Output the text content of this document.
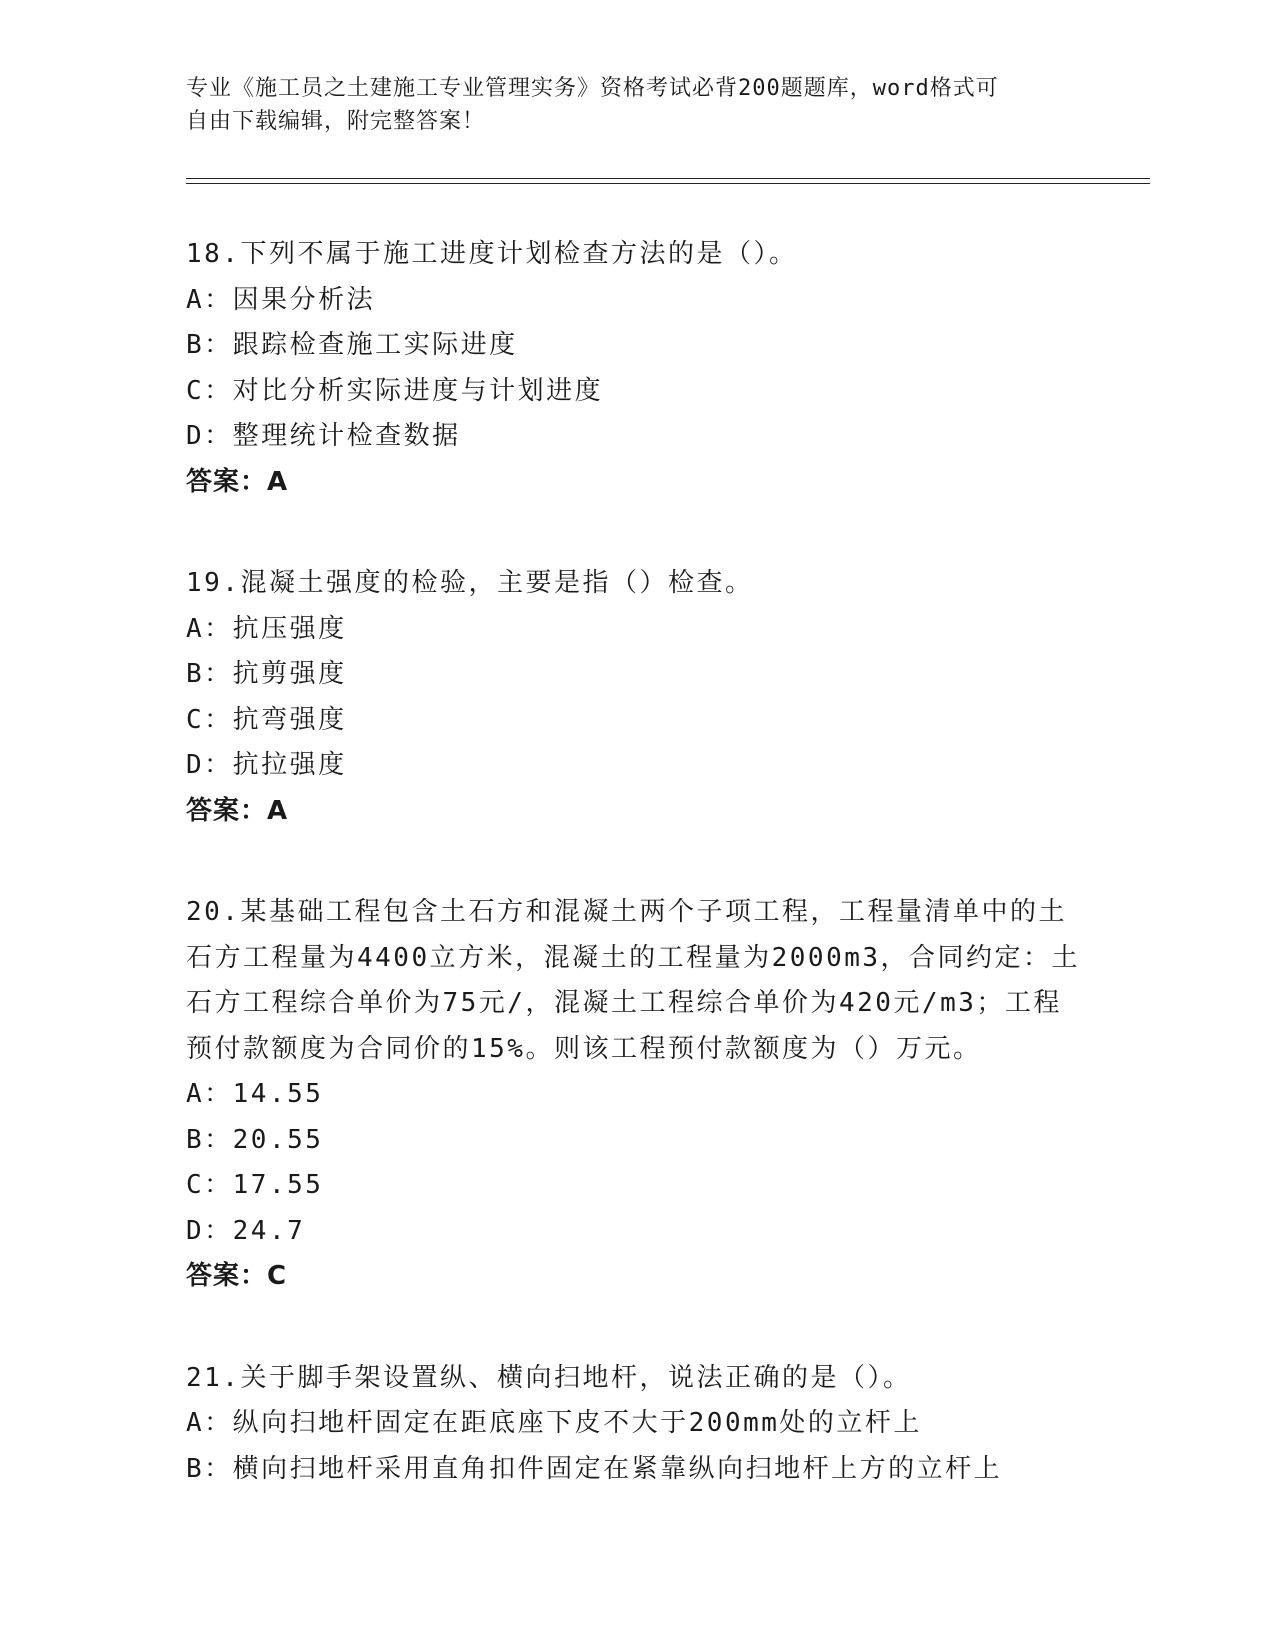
专业《施工员之土建施工专业管理实务》资格考试必背200题题库，word格式可

自由下载编辑，附完整答案！

18.下列不属于施工进度计划检查方法的是（）。

A：因果分析法

B：跟踪检查施工实际进度

C：对比分析实际进度与计划进度

D：整理统计检查数据

答案：A

19.混凝土强度的检验，主要是指（）检查。

A：抗压强度

B：抗剪强度

C：抗弯强度

D：抗拉强度

答案：A

20.某基础工程包含土石方和混凝土两个子项工程，工程量清单中的土

石方工程量为4400立方米，混凝土的工程量为2000m3，合同约定：土

石方工程综合单价为75元/，混凝土工程综合单价为420元/m3；工程

预付款额度为合同价的15%。则该工程预付款额度为（）万元。

A：14.55

B：20.55

C：17.55

D：24.7

答案：C

21.关于脚手架设置纵、横向扫地杆，说法正确的是（）。

A：纵向扫地杆固定在距底座下皮不大于200mm处的立杆上

B：横向扫地杆采用直角扣件固定在紧靠纵向扫地杆上方的立杆上
